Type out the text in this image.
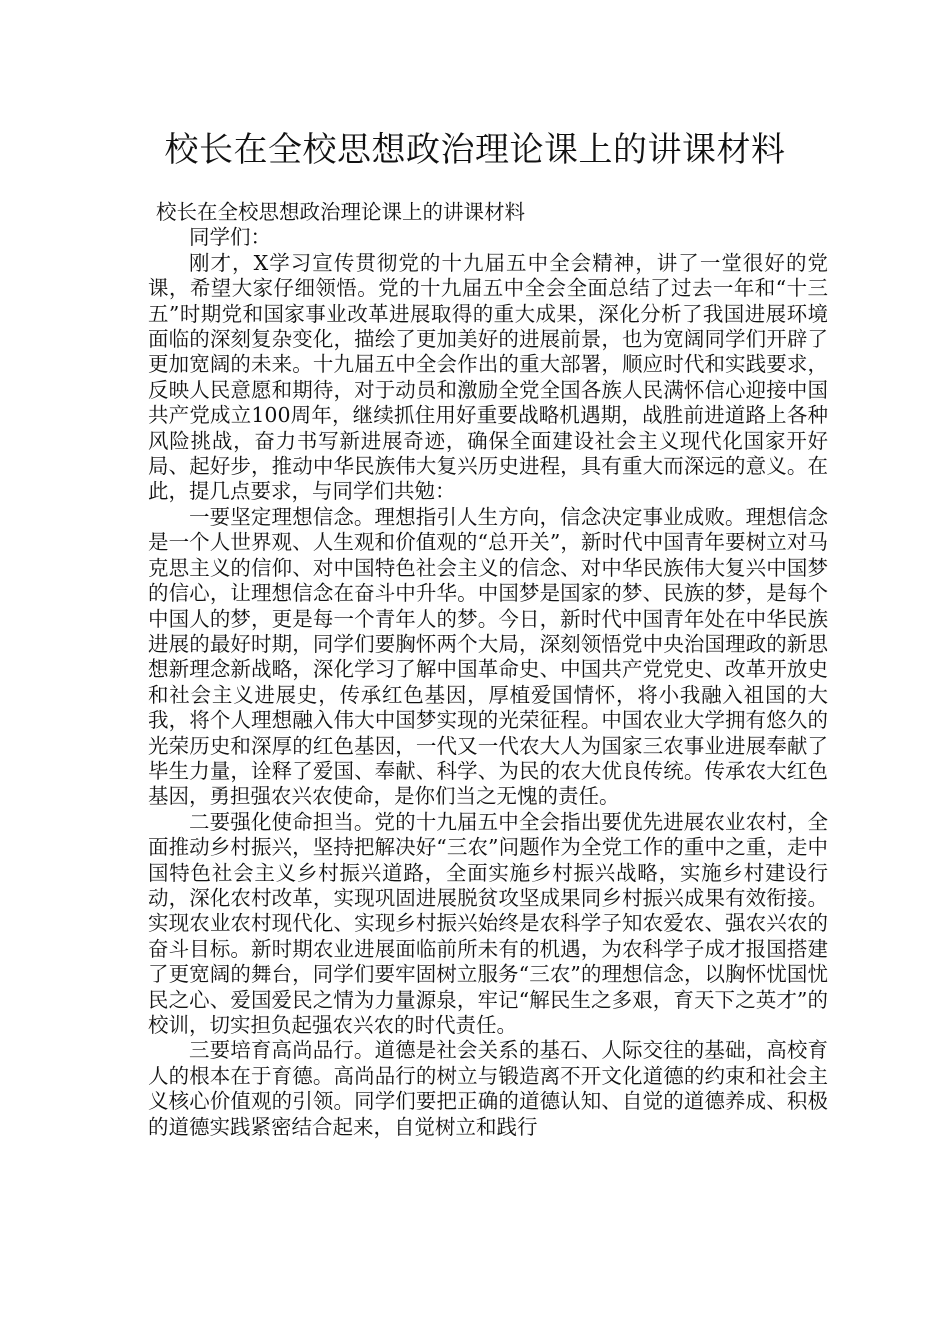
校长在全校思想政治理论课上的讲课材料

校长在全校思想政治理论课上的讲课材料

同学们：

刚才，X学习宣传贯彻党的十九届五中全会精神，讲了一堂很好的党课，希望大家仔细领悟。党的十九届五中全会全面总结了过去一年和“十三五”时期党和国家事业改革进展取得的重大成果，深化分析了我国进展环境面临的深刻复杂变化，描绘了更加美好的进展前景，也为宽阔同学们开辟了更加宽阔的未来。十九届五中全会作出的重大部署，顺应时代和实践要求，反映人民意愿和期待，对于动员和激励全党全国各族人民满怀信心迎接中国共产党成立100周年，继续抓住用好重要战略机遇期，战胜前进道路上各种风险挑战，奋力书写新进展奇迹，确保全面建设社会主义现代化国家开好局、起好步，推动中华民族伟大复兴历史进程，具有重大而深远的意义。在此，提几点要求，与同学们共勉：

一要坚定理想信念。理想指引人生方向，信念决定事业成败。理想信念是一个人世界观、人生观和价值观的“总开关”，新时代中国青年要树立对马克思主义的信仰、对中国特色社会主义的信念、对中华民族伟大复兴中国梦的信心，让理想信念在奋斗中升华。中国梦是国家的梦、民族的梦，是每个中国人的梦，更是每一个青年人的梦。今日，新时代中国青年处在中华民族进展的最好时期，同学们要胸怀两个大局，深刻领悟党中央治国理政的新思想新理念新战略，深化学习了解中国革命史、中国共产党党史、改革开放史和社会主义进展史，传承红色基因，厚植爱国情怀，将小我融入祖国的大我，将个人理想融入伟大中国梦实现的光荣征程。中国农业大学拥有悠久的光荣历史和深厚的红色基因，一代又一代农大人为国家三农事业进展奉献了毕生力量，诠释了爱国、奉献、科学、为民的农大优良传统。传承农大红色基因，勇担强农兴农使命，是你们当之无愧的责任。

二要强化使命担当。党的十九届五中全会指出要优先进展农业农村，全面推动乡村振兴，坚持把解决好“三农”问题作为全党工作的重中之重，走中国特色社会主义乡村振兴道路，全面实施乡村振兴战略，实施乡村建设行动，深化农村改革，实现巩固进展脱贫攻坚成果同乡村振兴成果有效衔接。实现农业农村现代化、实现乡村振兴始终是农科学子知农爱农、强农兴农的奋斗目标。新时期农业进展面临前所未有的机遇，为农科学子成才报国搭建了更宽阔的舞台，同学们要牢固树立服务“三农”的理想信念，以胸怀忧国忧民之心、爱国爱民之情为力量源泉，牢记“解民生之多艰，育天下之英才”的校训，切实担负起强农兴农的时代责任。

三要培育高尚品行。道德是社会关系的基石、人际交往的基础，高校育人的根本在于育德。高尚品行的树立与锻造离不开文化道德的约束和社会主义核心价值观的引领。同学们要把正确的道德认知、自觉的道德养成、积极的道德实践紧密结合起来，自觉树立和践行
